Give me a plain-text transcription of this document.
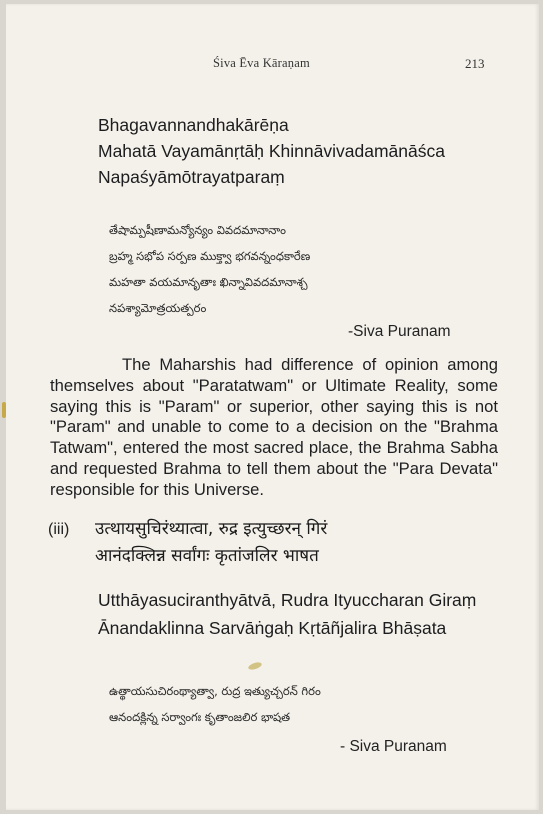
Śiva Ēva Kāraṇam	213
Bhagavannandhakārēṇa
Mahatā Vayamānṛtāḥ Khinnāvivadamānāśca
Napaśyāmōtrayatparaṃ
తేషామ్పషీణామన్యోన్యం వివదమానానాం
బ్రహ్మ సభోప సర్పణ ముక్త్వా భగవన్నంధకారేణ
మహతా వయమానృతాః ఖిన్నావివదమానాశ్చ
నపశ్యామోత్రయత్పరం
-Siva Puranam

The Maharshis had difference of opinion among themselves about "Paratatwam" or Ultimate Reality, some saying this is "Param" or superior, other saying this is not "Param" and unable to come to a decision on the "Brahma Tatwam", entered the most sacred place, the Brahma Sabha and requested Brahma to tell them about the "Para Devata" responsible for this Universe.

(iii) उत्थायसुचिरंथ्यात्वा, रुद्र इत्युच्छरन् गिरं
आनंदक्लिन्न सर्वांगः कृतांजलिर भाषत
Utthāyasuciranthyātvā, Rudra Ityuccharan Giraṃ
Ānandaklinna Sarvāṅgaḥ Kṛtāñjalira Bhāṣata
ఉత్థాయసుచిరంథ్యాత్వా, రుద్ర ఇత్యుచ్చరన్ గిరం
ఆనందక్లిన్న సర్వాంగః కృతాంజలిర భాషత
- Siva Puranam
